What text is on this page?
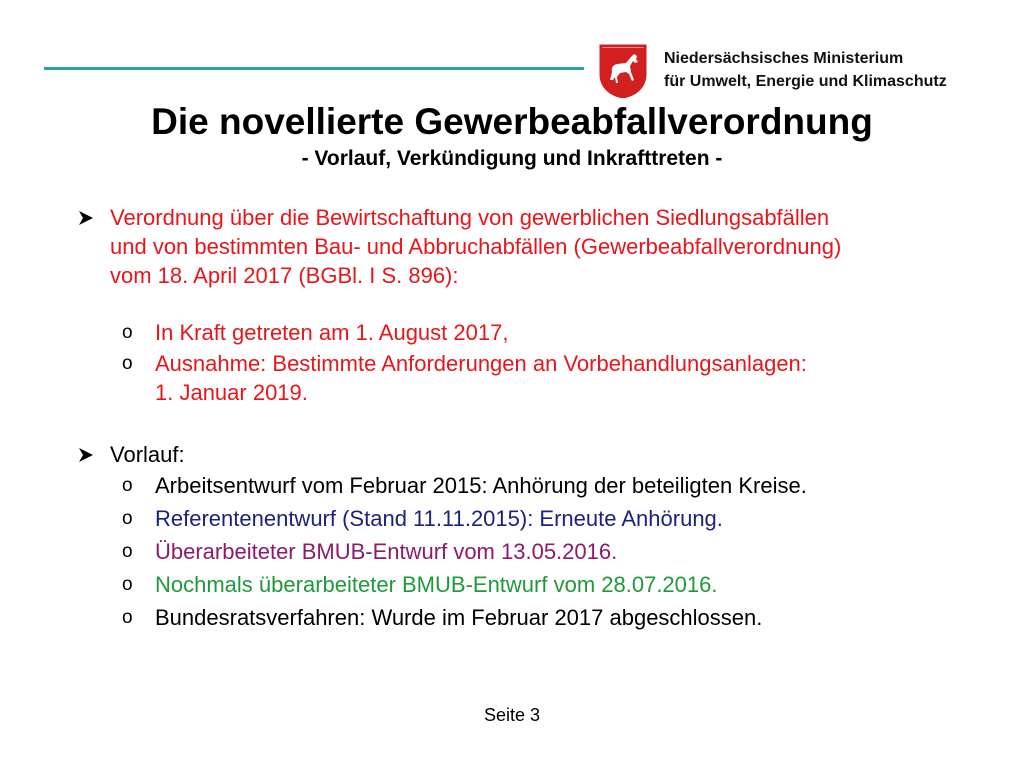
Niedersächsisches Ministerium
für Umwelt, Energie und Klimaschutz
Die novellierte Gewerbeabfallverordnung
- Vorlauf, Verkündigung und Inkrafttreten -
Verordnung über die Bewirtschaftung von gewerblichen Siedlungsabfällen
und von bestimmten Bau- und Abbruchabfällen (Gewerbeabfallverordnung)
vom 18. April 2017 (BGBl. I S. 896):
o In Kraft getreten am 1. August 2017,
o Ausnahme: Bestimmte Anforderungen an Vorbehandlungsanlagen:
1. Januar 2019.
Vorlauf:
o Arbeitsentwurf vom Februar 2015: Anhörung der beteiligten Kreise.
o Referentenentwurf (Stand 11.11.2015): Erneute Anhörung.
o Überarbeiteter BMUB-Entwurf vom 13.05.2016.
o Nochmals überarbeiteter BMUB-Entwurf vom 28.07.2016.
o Bundesratsverfahren: Wurde im Februar 2017 abgeschlossen.
Seite 3
